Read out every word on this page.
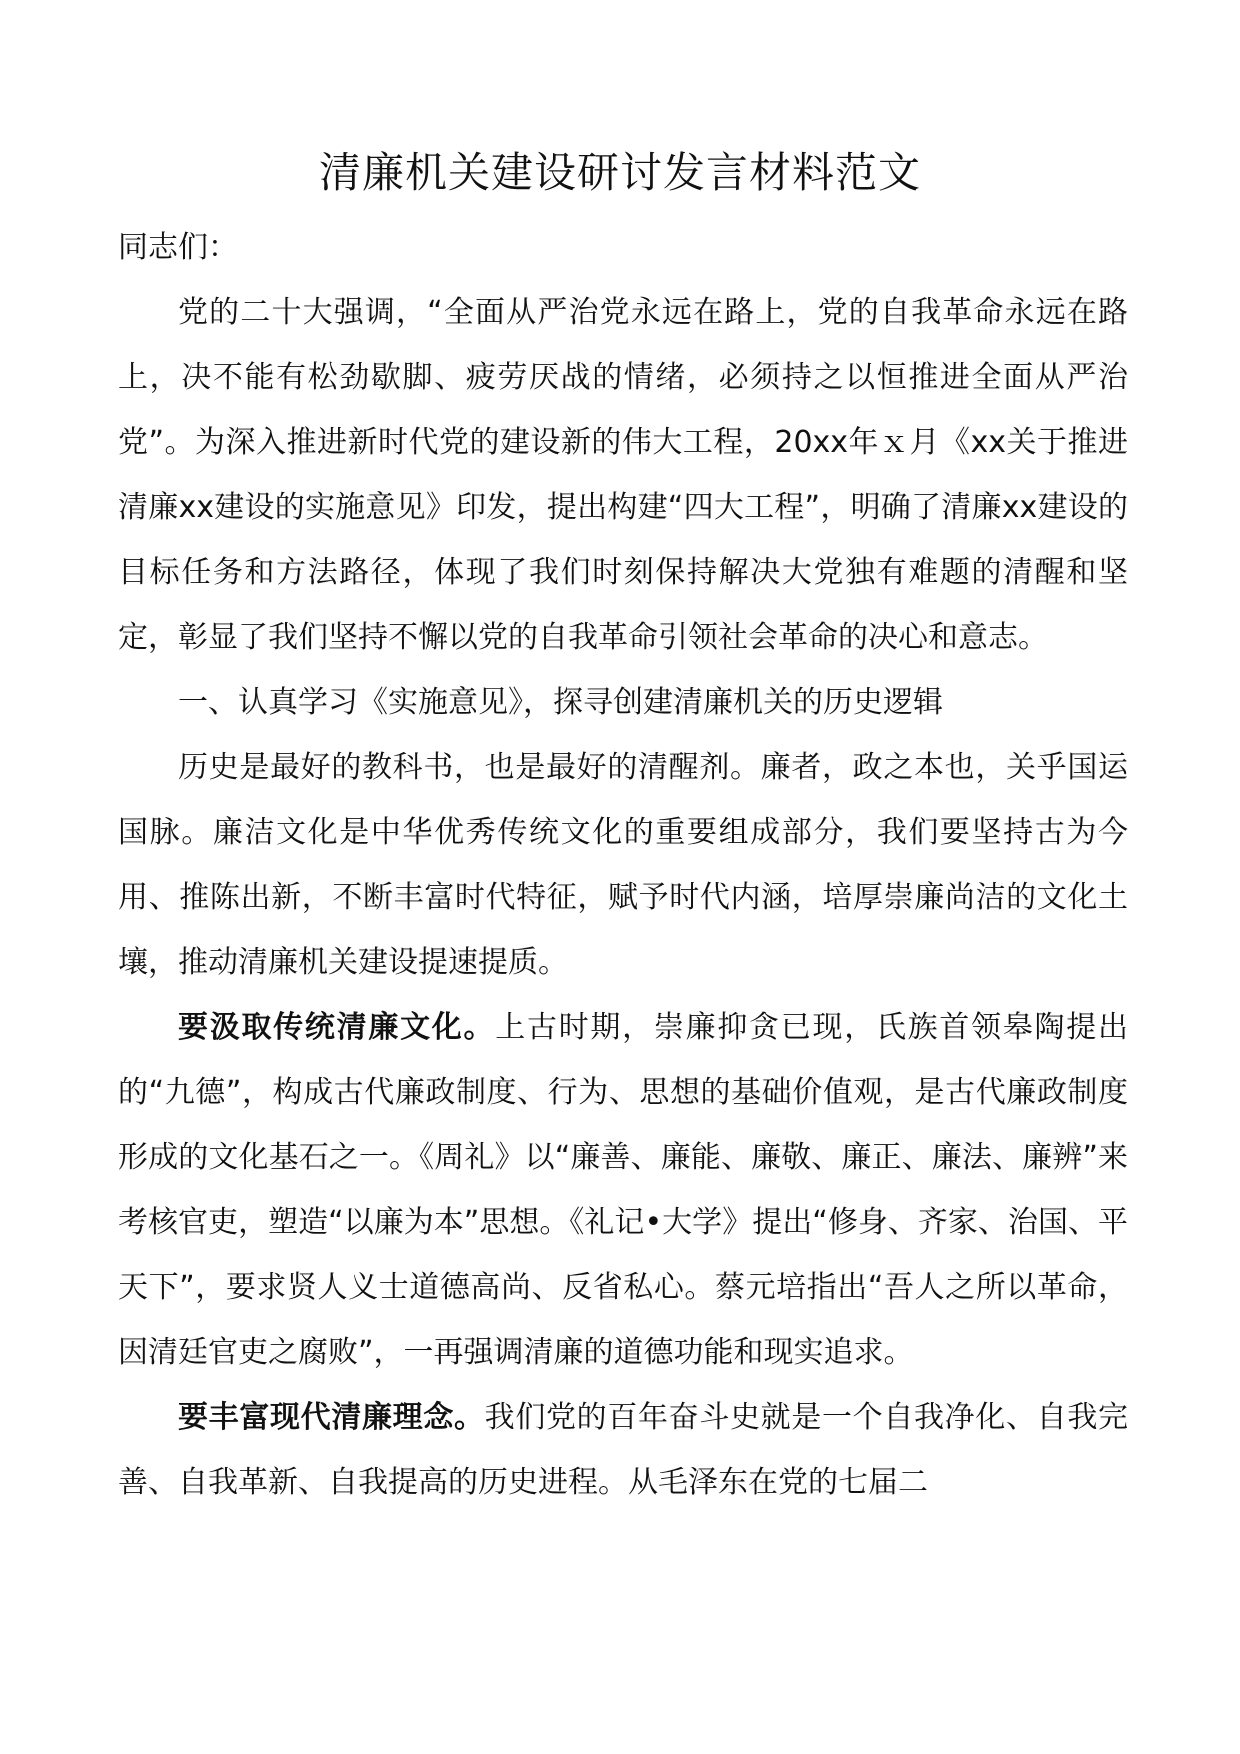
清廉机关建设研讨发言材料范文

同志们：

党的二十大强调，“全面从严治党永远在路上，党的自我革命永远在路上，决不能有松劲歇脚、疲劳厌战的情绪，必须持之以恒推进全面从严治党”。为深入推进新时代党的建设新的伟大工程，20xx年ｘ月《xx关于推进清廉xx建设的实施意见》印发，提出构建“四大工程”，明确了清廉xx建设的目标任务和方法路径，体现了我们时刻保持解决大党独有难题的清醒和坚定，彰显了我们坚持不懈以党的自我革命引领社会革命的决心和意志。

一、认真学习《实施意见》，探寻创建清廉机关的历史逻辑

历史是最好的教科书，也是最好的清醒剂。廉者，政之本也，关乎国运国脉。廉洁文化是中华优秀传统文化的重要组成部分，我们要坚持古为今用、推陈出新，不断丰富时代特征，赋予时代内涵，培厚崇廉尚洁的文化土壤，推动清廉机关建设提速提质。

要汲取传统清廉文化。上古时期，崇廉抑贪已现，氏族首领皋陶提出的“九德”，构成古代廉政制度、行为、思想的基础价值观，是古代廉政制度形成的文化基石之一。《周礼》以“廉善、廉能、廉敬、廉正、廉法、廉辨”来考核官吏，塑造“以廉为本”思想。《礼记•大学》提出“修身、齐家、治国、平天下”，要求贤人义士道德高尚、反省私心。蔡元培指出“吾人之所以革命，因清廷官吏之腐败”，一再强调清廉的道德功能和现实追求。

要丰富现代清廉理念。我们党的百年奋斗史就是一个自我净化、自我完善、自我革新、自我提高的历史进程。从毛泽东在党的七届二
